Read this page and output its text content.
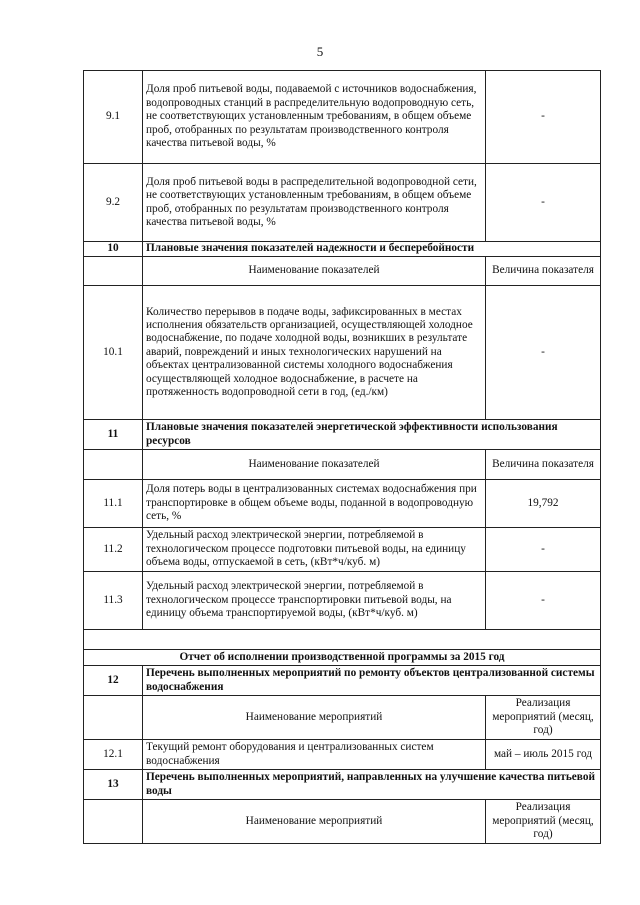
5
9.1	Доля проб питьевой воды, подаваемой с источников водоснабжения, водопроводных станций в распределительную водопроводную сеть, не соответствующих установленным требованиям, в общем объеме проб, отобранных по результатам производственного контроля качества питьевой воды, %	-
9.2	Доля проб питьевой воды в распределительной водопроводной сети, не соответствующих установленным требованиям, в общем объеме проб, отобранных по результатам производственного контроля качества питьевой воды, %	-
10	Плановые значения показателей надежности и бесперебойности	
	Наименование показателей	Величина показателя
10.1	Количество перерывов в подаче воды, зафиксированных в местах исполнения обязательств организацией, осуществляющей холодное водоснабжение, по подаче холодной воды, возникших в результате аварий, повреждений и иных технологических нарушений на объектах централизованной системы холодного водоснабжения осуществляющей холодное водоснабжение, в расчете на протяженность водопроводной сети в год, (ед./км)	-
11	Плановые значения показателей энергетической эффективности использования ресурсов	
	Наименование показателей	Величина показателя
11.1	Доля потерь воды в централизованных системах водоснабжения при транспортировке в общем объеме воды, поданной в водопроводную сеть, %	19,792
11.2	Удельный расход электрической энергии, потребляемой в технологическом процессе подготовки питьевой воды, на единицу объема воды, отпускаемой в сеть, (кВт*ч/куб. м)	-
11.3	Удельный расход электрической энергии, потребляемой в технологическом процессе транспортировки питьевой воды, на единицу объема транспортируемой воды, (кВт*ч/куб. м)	-

Отчет об исполнении производственной программы за 2015 год		
12	Перечень выполненных мероприятий по ремонту объектов централизованной системы водоснабжения	
	Наименование мероприятий	Реализация мероприятий (месяц, год)
12.1	Текущий ремонт оборудования и централизованных систем водоснабжения	май – июль 2015 год
13	Перечень выполненных мероприятий, направленных на улучшение качества питьевой воды	
	Наименование мероприятий	Реализация мероприятий (месяц, год)
